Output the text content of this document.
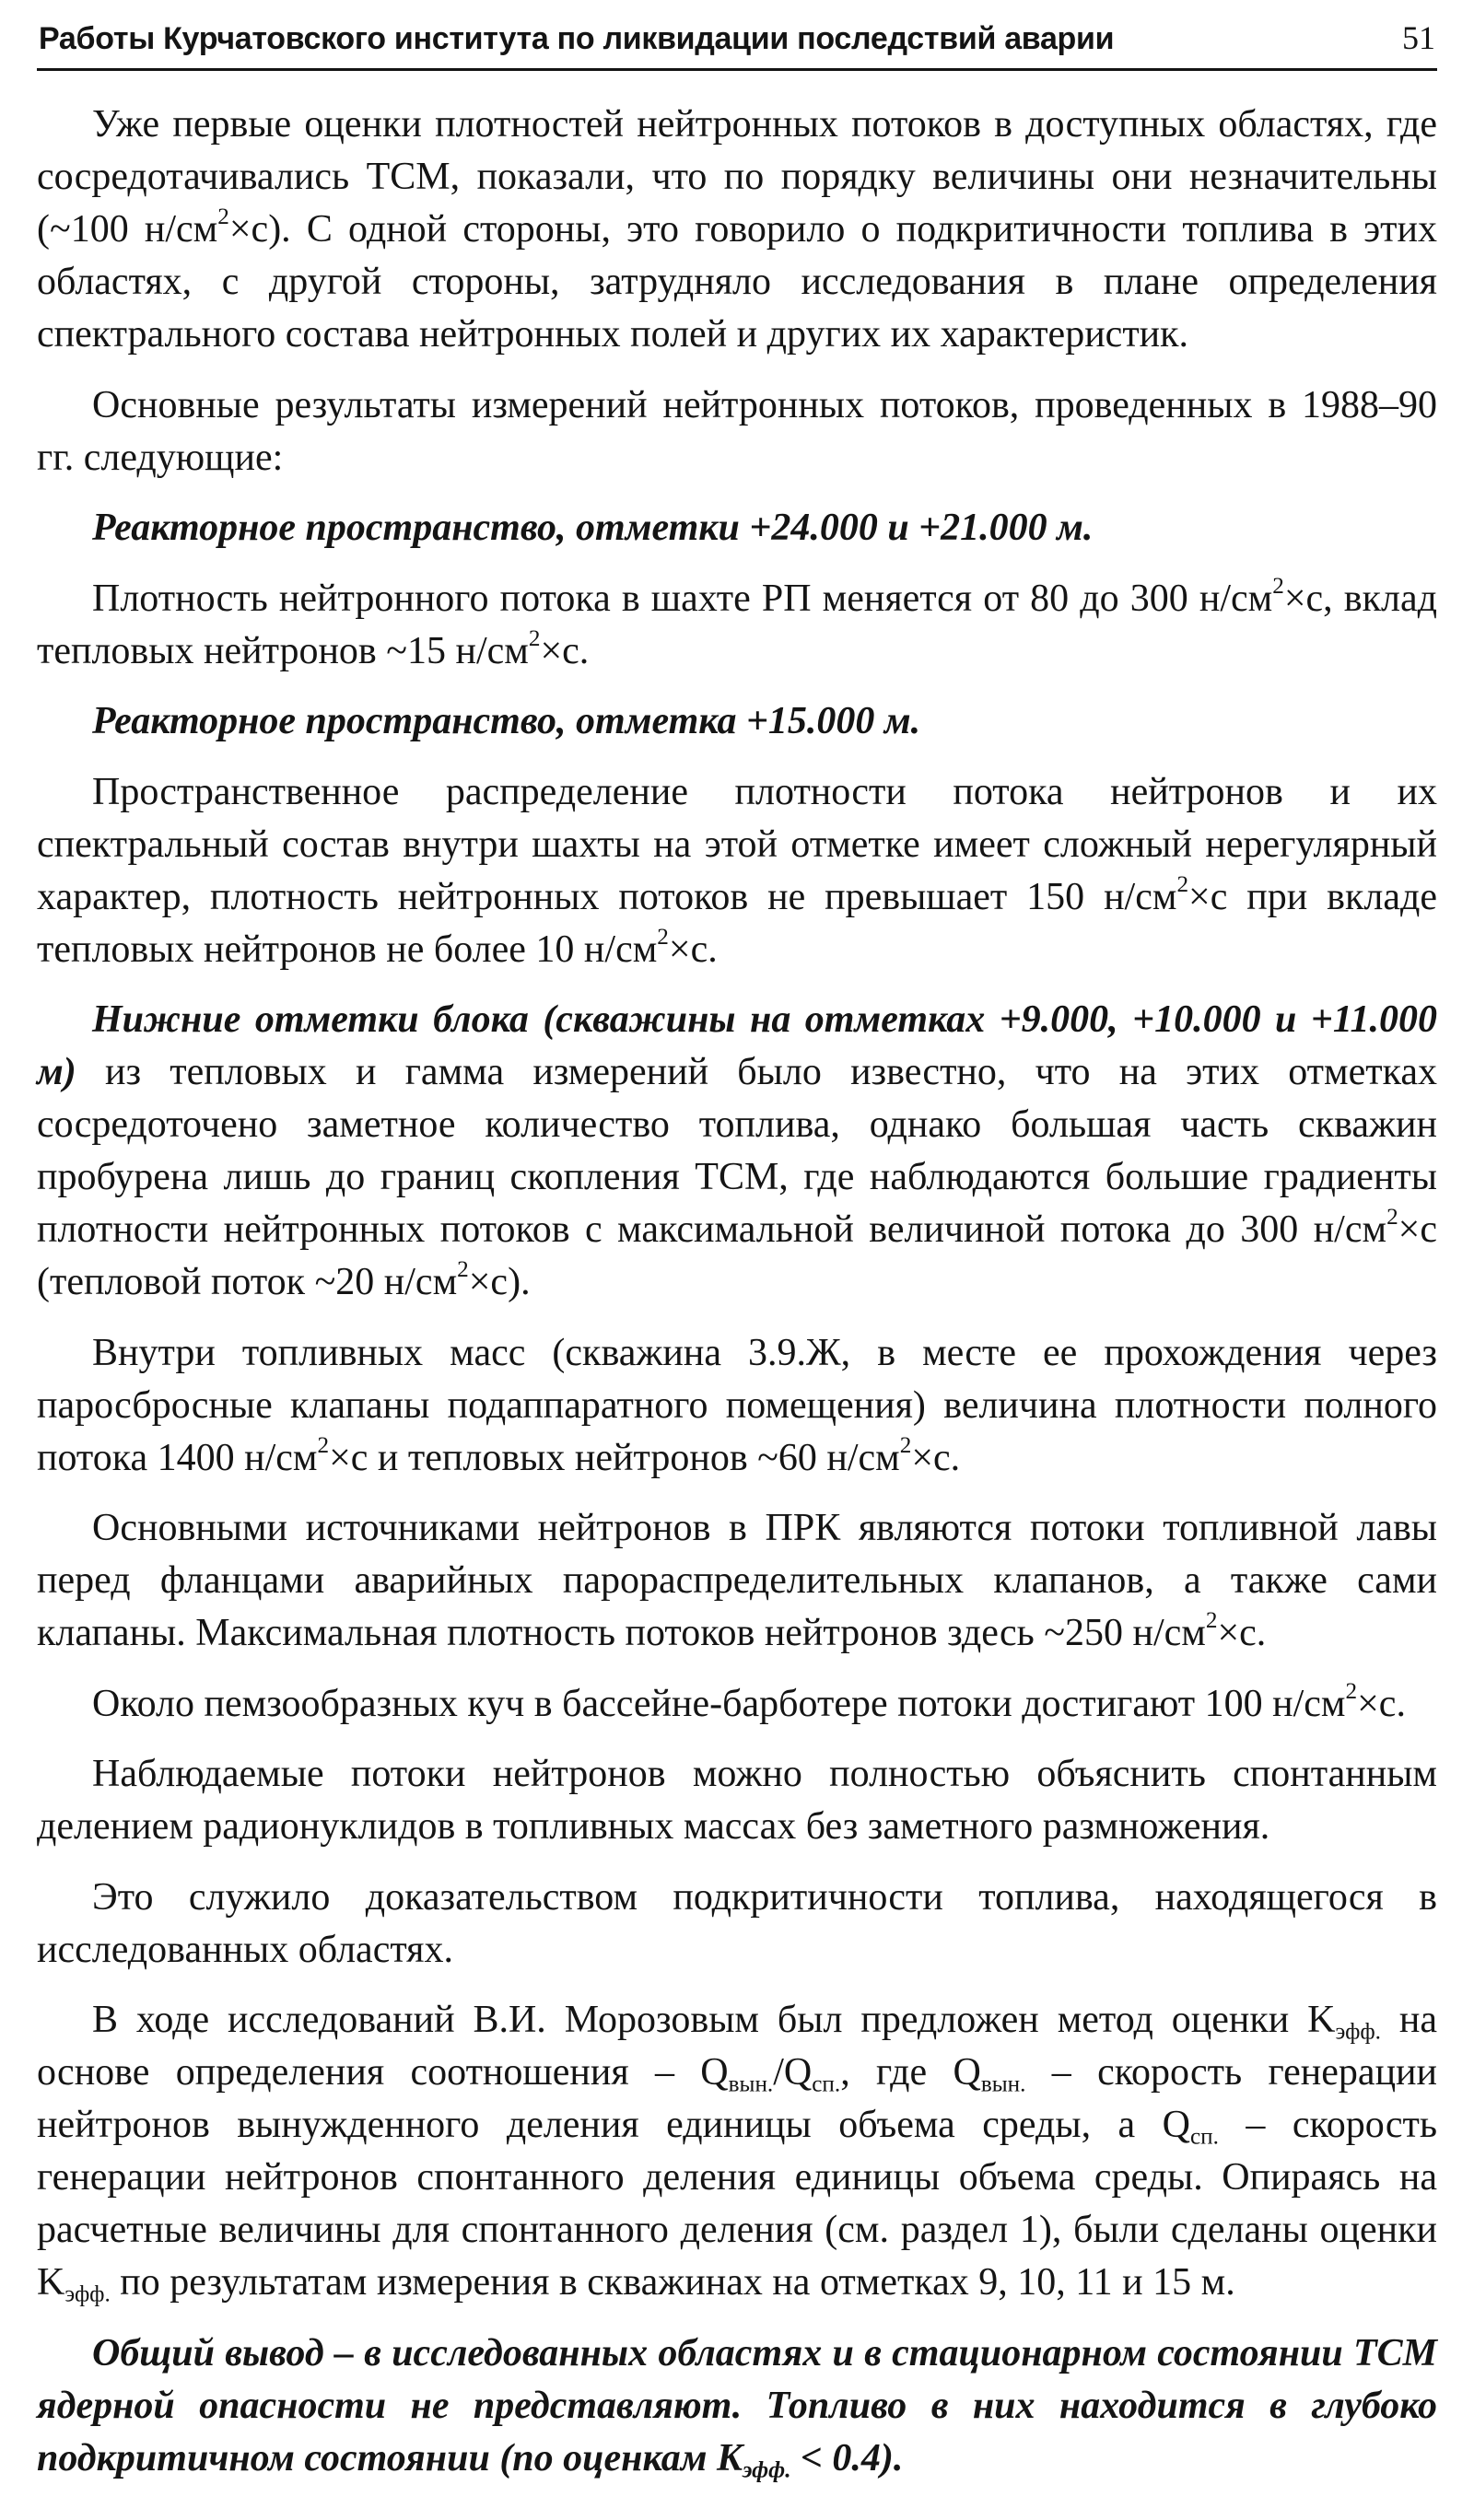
Работы Курчатовского института по ликвидации последствий аварии	51

Уже первые оценки плотностей нейтронных потоков в доступных областях, где сосредотачивались ТСМ, показали, что по порядку величины они незначительны (~100 $н/см^2\times с$). С одной стороны, это говорило о подкритичности топлива в этих областях, с другой стороны, затрудняло исследования в плане определения спектрального состава нейтронных полей и других их характеристик.

Основные результаты измерений нейтронных потоков, проведенных в 1988–90 гг. следующие:

Реакторное пространство, отметки +24.000 и +21.000 м.

Плотность нейтронного потока в шахте РП меняется от 80 до 300 $н/см^2\times с$, вклад тепловых нейтронов ~15 $н/см^2\times с$.

Реакторное пространство, отметка +15.000 м.

Пространственное распределение плотности потока нейтронов и их спектральный состав внутри шахты на этой отметке имеет сложный нерегулярный характер, плотность нейтронных потоков не превышает 150 $н/см^2\times с$ при вкладе тепловых нейтронов не более 10 $н/см^2\times с$.

Нижние отметки блока (скважины на отметках +9.000, +10.000 и +11.000 м) из тепловых и гамма измерений было известно, что на этих отметках сосредоточено заметное количество топлива, однако большая часть скважин пробурена лишь до границ скопления ТСМ, где наблюдаются большие градиенты плотности нейтронных потоков с максимальной величиной потока до 300 $н/см^2\times с$ (тепловой поток ~20 $н/см^2\times с$).

Внутри топливных масс (скважина 3.9.Ж, в месте ее прохождения через паросбросные клапаны подаппаратного помещения) величина плотности полного потока 1400 $н/см^2\times с$ и тепловых нейтронов ~60 $н/см^2\times с$.

Основными источниками нейтронов в ПРК являются потоки топливной лавы перед фланцами аварийных парораспределительных клапанов, а также сами клапаны. Максимальная плотность потоков нейтронов здесь ~250 $н/см^2\times с$.

Около пемзообразных куч в бассейне-барботере потоки достигают 100 $н/см^2\times с$.

Наблюдаемые потоки нейтронов можно полностью объяснить спонтанным делением радионуклидов в топливных массах без заметного размножения.

Это служило доказательством подкритичности топлива, находящегося в исследованных областях.

В ходе исследований В.И. Морозовым был предложен метод оценки $K_{эфф.}$ на основе определения соотношения – $Q_{вын.}/Q_{сп.}$, где $Q_{вын.}$ – скорость генерации нейтронов вынужденного деления единицы объема среды, а $Q_{сп.}$ – скорость генерации нейтронов спонтанного деления единицы объема среды. Опираясь на расчетные величины для спонтанного деления (см. раздел 1), были сделаны оценки $K_{эфф.}$ по результатам измерения в скважинах на отметках 9, 10, 11 и 15 м.

Общий вывод – в исследованных областях и в стационарном состоянии ТСМ ядерной опасности не представляют. Топливо в них находится в глубоко подкритичном состоянии (по оценкам $K_{эфф.} < 0.4$).
